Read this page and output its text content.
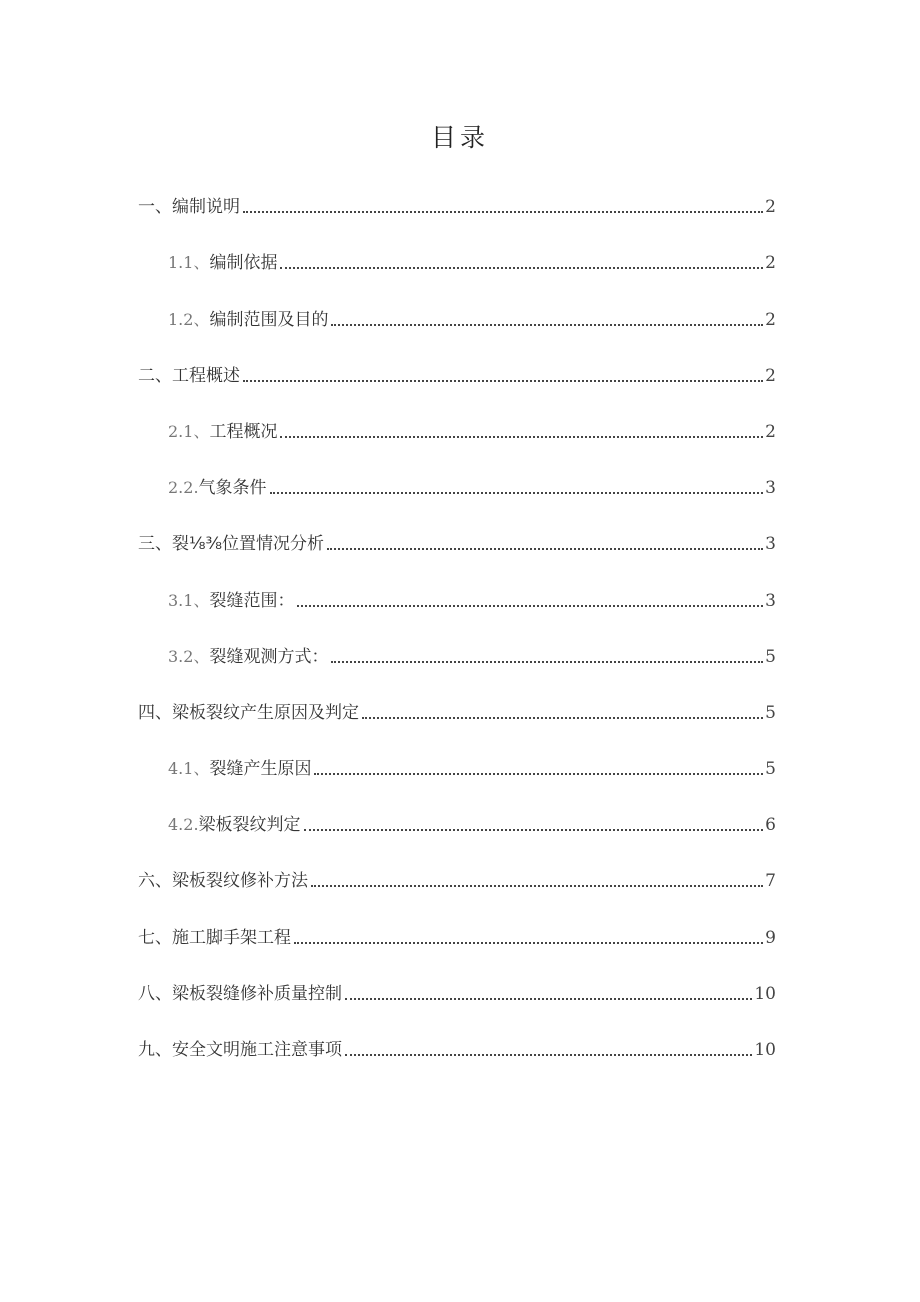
目录
一、编制说明	2
1.1、编制依据	2
1.2、编制范围及目的	2
二、工程概述	2
2.1、工程概况	2
2.2.气象条件	3
三、裂⅛⅜位置情况分析	3
3.1、裂缝范围：	3
3.2、裂缝观测方式：	5
四、梁板裂纹产生原因及判定	5
4.1、裂缝产生原因	5
4.2.梁板裂纹判定	6
六、梁板裂纹修补方法	7
七、施工脚手架工程	9
八、梁板裂缝修补质量控制	10
九、安全文明施工注意事项	10
